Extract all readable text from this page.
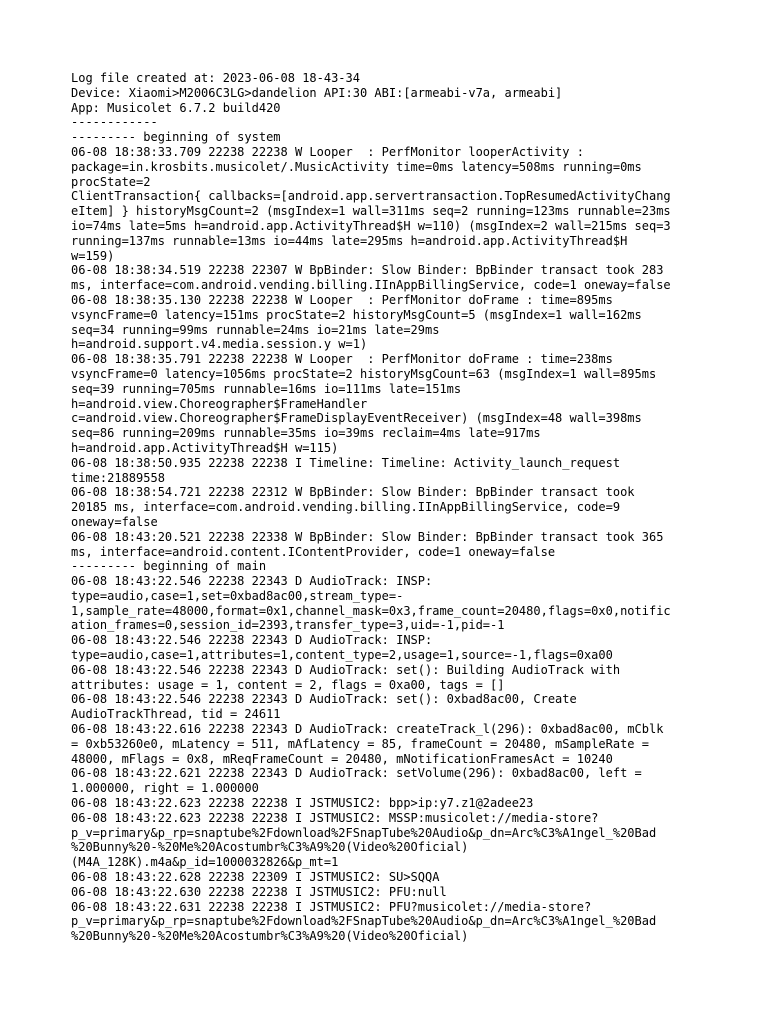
Log file created at: 2023-06-08 18-43-34
Device: Xiaomi>M2006C3LG>dandelion API:30 ABI:[armeabi-v7a, armeabi]
App: Musicolet 6.7.2 build420
------------
--------- beginning of system
06-08 18:38:33.709 22238 22238 W Looper  : PerfMonitor looperActivity :
package=in.krosbits.musicolet/.MusicActivity time=0ms latency=508ms running=0ms
procState=2
ClientTransaction{ callbacks=[android.app.servertransaction.TopResumedActivityChang
eItem] } historyMsgCount=2 (msgIndex=1 wall=311ms seq=2 running=123ms runnable=23ms
io=74ms late=5ms h=android.app.ActivityThread$H w=110) (msgIndex=2 wall=215ms seq=3
running=137ms runnable=13ms io=44ms late=295ms h=android.app.ActivityThread$H
w=159)
06-08 18:38:34.519 22238 22307 W BpBinder: Slow Binder: BpBinder transact took 283
ms, interface=com.android.vending.billing.IInAppBillingService, code=1 oneway=false
06-08 18:38:35.130 22238 22238 W Looper  : PerfMonitor doFrame : time=895ms
vsyncFrame=0 latency=151ms procState=2 historyMsgCount=5 (msgIndex=1 wall=162ms
seq=34 running=99ms runnable=24ms io=21ms late=29ms
h=android.support.v4.media.session.y w=1)
06-08 18:38:35.791 22238 22238 W Looper  : PerfMonitor doFrame : time=238ms
vsyncFrame=0 latency=1056ms procState=2 historyMsgCount=63 (msgIndex=1 wall=895ms
seq=39 running=705ms runnable=16ms io=111ms late=151ms
h=android.view.Choreographer$FrameHandler
c=android.view.Choreographer$FrameDisplayEventReceiver) (msgIndex=48 wall=398ms
seq=86 running=209ms runnable=35ms io=39ms reclaim=4ms late=917ms
h=android.app.ActivityThread$H w=115)
06-08 18:38:50.935 22238 22238 I Timeline: Timeline: Activity_launch_request
time:21889558
06-08 18:38:54.721 22238 22312 W BpBinder: Slow Binder: BpBinder transact took
20185 ms, interface=com.android.vending.billing.IInAppBillingService, code=9
oneway=false
06-08 18:43:20.521 22238 22338 W BpBinder: Slow Binder: BpBinder transact took 365
ms, interface=android.content.IContentProvider, code=1 oneway=false
--------- beginning of main
06-08 18:43:22.546 22238 22343 D AudioTrack: INSP:
type=audio,case=1,set=0xbad8ac00,stream_type=-
1,sample_rate=48000,format=0x1,channel_mask=0x3,frame_count=20480,flags=0x0,notific
ation_frames=0,session_id=2393,transfer_type=3,uid=-1,pid=-1
06-08 18:43:22.546 22238 22343 D AudioTrack: INSP:
type=audio,case=1,attributes=1,content_type=2,usage=1,source=-1,flags=0xa00
06-08 18:43:22.546 22238 22343 D AudioTrack: set(): Building AudioTrack with
attributes: usage = 1, content = 2, flags = 0xa00, tags = []
06-08 18:43:22.546 22238 22343 D AudioTrack: set(): 0xbad8ac00, Create
AudioTrackThread, tid = 24611
06-08 18:43:22.616 22238 22343 D AudioTrack: createTrack_l(296): 0xbad8ac00, mCblk
= 0xb53260e0, mLatency = 511, mAfLatency = 85, frameCount = 20480, mSampleRate =
48000, mFlags = 0x8, mReqFrameCount = 20480, mNotificationFramesAct = 10240
06-08 18:43:22.621 22238 22343 D AudioTrack: setVolume(296): 0xbad8ac00, left =
1.000000, right = 1.000000
06-08 18:43:22.623 22238 22238 I JSTMUSIC2: bpp>ip:y7.z1@2adee23
06-08 18:43:22.623 22238 22238 I JSTMUSIC2: MSSP:musicolet://media-store?
p_v=primary&p_rp=snaptube%2Fdownload%2FSnapTube%20Audio&p_dn=Arc%C3%A1ngel_%20Bad
%20Bunny%20-%20Me%20Acostumbr%C3%A9%20(Video%20Oficial)
(M4A_128K).m4a&p_id=1000032826&p_mt=1
06-08 18:43:22.628 22238 22309 I JSTMUSIC2: SU>SQQA
06-08 18:43:22.630 22238 22238 I JSTMUSIC2: PFU:null
06-08 18:43:22.631 22238 22238 I JSTMUSIC2: PFU?musicolet://media-store?
p_v=primary&p_rp=snaptube%2Fdownload%2FSnapTube%20Audio&p_dn=Arc%C3%A1ngel_%20Bad
%20Bunny%20-%20Me%20Acostumbr%C3%A9%20(Video%20Oficial)
